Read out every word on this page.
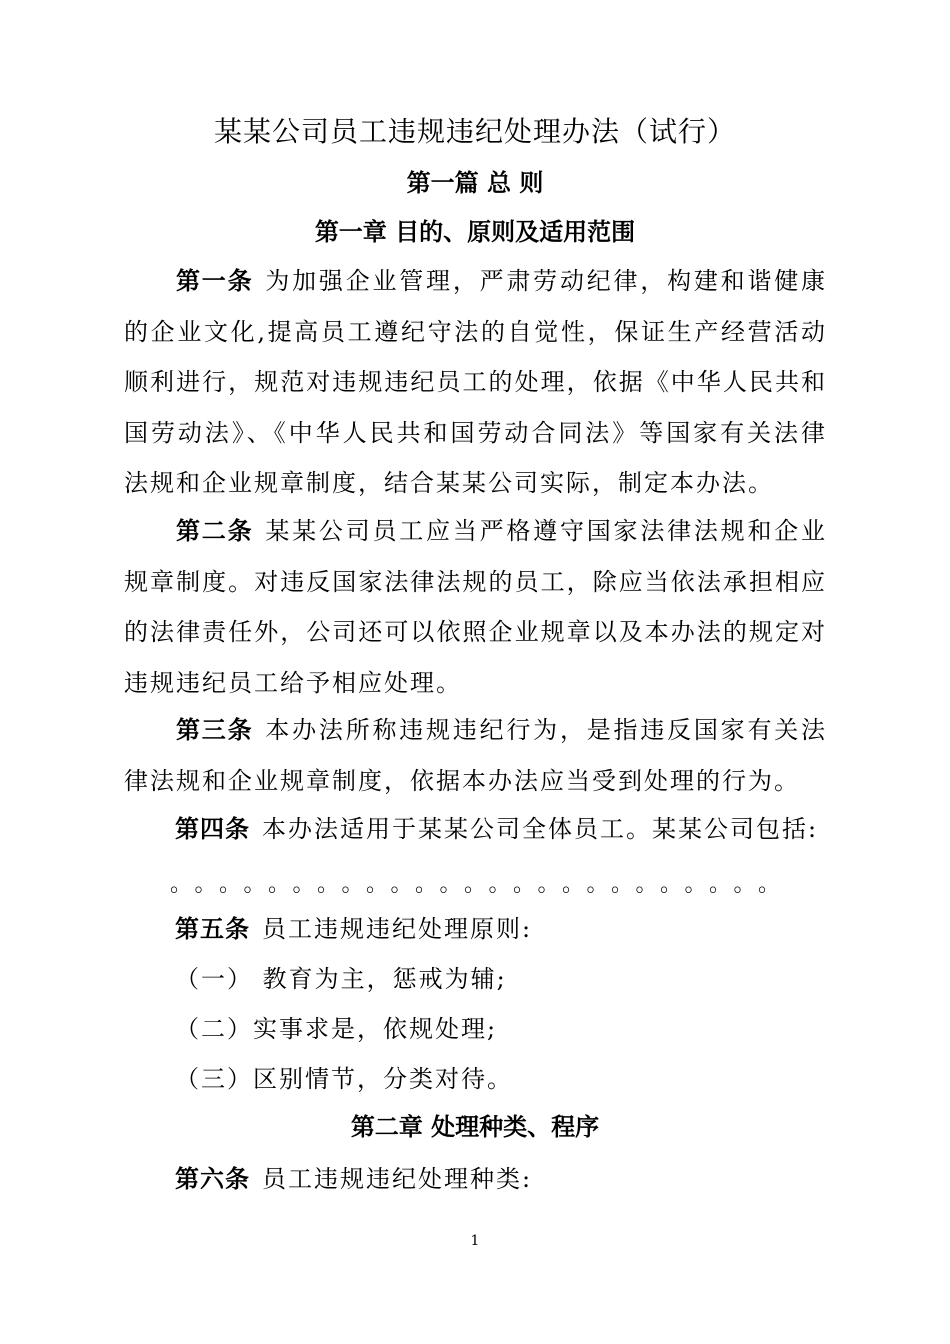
某某公司员工违规违纪处理办法（试行）
第一篇 总 则
第一章 目的、原则及适用范围

第一条 为加强企业管理，严肃劳动纪律，构建和谐健康的企业文化,提高员工遵纪守法的自觉性，保证生产经营活动顺利进行，规范对违规违纪员工的处理，依据《中华人民共和国劳动法》、《中华人民共和国劳动合同法》等国家有关法律法规和企业规章制度，结合某某公司实际，制定本办法。

第二条 某某公司员工应当严格遵守国家法律法规和企业规章制度。对违反国家法律法规的员工，除应当依法承担相应的法律责任外，公司还可以依照企业规章以及本办法的规定对违规违纪员工给予相应处理。

第三条 本办法所称违规违纪行为，是指违反国家有关法律法规和企业规章制度，依据本办法应当受到处理的行为。

第四条 本办法适用于某某公司全体员工。某某公司包括:

。。。。。。。。。。。。。。。。。。。。。。。。。

第五条 员工违规违纪处理原则:

（一） 教育为主，惩戒为辅;

（二）实事求是，依规处理;

（三）区别情节，分类对待。

第二章 处理种类、程序

第六条 员工违规违纪处理种类:

1
